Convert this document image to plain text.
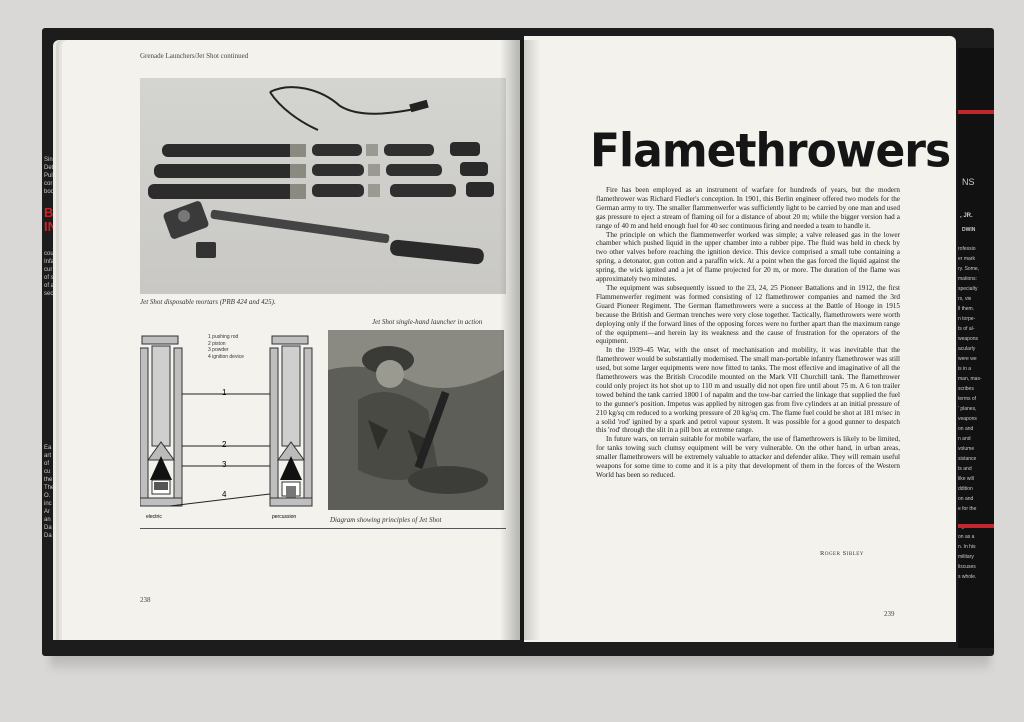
Sin
Det
Pul
cor
boo
B
IN
cou
Infa
cur
of s
of a
sec
Ea
art
of
cu
the
The
O.
inc
Ar
an
Da
Da
NS
, JR.
DWIN
rofessio
er mark
ry. Some,
mations:
specialty
rs, vie
ll them.
n torpe-
ts of al-
weapons
acularly
were we
is in a
man, mas-
scribes
terms of
' planes,
veapons
on and
n and
volume
sistance
ts and
like will
ddition
on and
e for the
on as a
n. In his
military
liscuses
s whole.
Grenade Launchers/Jet Shot continued
Jet Shot disposable mortars (PRB 424 and 425).
Jet Shot single-hand launcher in action
1 pushing rod
2 piston
3 powder
4 ignition device
1
2
3
4
electric	percussion	Diagram showing principles of Jet Shot
238
Flamethrowers

Fire has been employed as an instrument of warfare for hundreds of years, but the modern flamethrower was Richard Fiedler's conception. In 1901, this Berlin engineer offered two models for the German army to try. The smaller flammenwerfer was sufficiently light to be carried by one man and used gas pressure to eject a stream of flaming oil for a distance of about 20 m; while the bigger version had a range of 40 m and held enough fuel for 40 sec continuous firing and needed a team to handle it.

The principle on which the flammenwerfer worked was simple; a valve released gas in the lower chamber which pushed liquid in the upper chamber into a rubber pipe. The fluid was held in check by two other valves before reaching the ignition device. This device comprised a small tube containing a spring, a detonator, gun cotton and a paraffin wick. At a point when the gas forced the liquid against the spring, the wick ignited and a jet of flame projected for 20 m, or more. The duration of the flame was approximately two minutes.

The equipment was subsequently issued to the 23, 24, 25 Pioneer Battalions and in 1912, the first Flammenwerfer regiment was formed consisting of 12 flamethrower companies and named the 3rd Guard Pioneer Regiment. The German flamethrowers were a success at the Battle of Hooge in 1915 because the British and German trenches were very close together. Tactically, flamethrowers were worth deploying only if the forward lines of the opposing forces were no further apart than the maximum range of the equipment—and herein lay its weakness and the cause of frustration for the operators of the equipment.

In the 1939–45 War, with the onset of mechanisation and mobility, it was inevitable that the flamethrower would be substantially modernised. The small man-portable infantry flamethrower was still used, but some larger equipments were now fitted to tanks. The most effective and imaginative of all the flamethrowers was the British Crocodile mounted on the Mark VII Churchill tank. The flamethrower could only project its hot shot up to 110 m and usually did not open fire until about 75 m. A 6 ton trailer towed behind the tank carried 1800 l of napalm and the tow-bar carried the linkage that supplied the fuel to the gunner's position. Impetus was applied by nitrogen gas from five cylinders at an initial pressure of 210 kg/sq cm reduced to a working pressure of 20 kg/sq cm. The flame fuel could be shot at 181 m/sec in a solid 'rod' ignited by a spark and petrol vapour system. It was possible for a good gunner to despatch this 'rod' through the slit in a pill box at extreme range.

In future wars, on terrain suitable for mobile warfare, the use of flamethrowers is likely to be limited, for tanks towing such clumsy equipment will be very vulnerable. On the other hand, in urban areas, smaller flamethrowers will be extremely valuable to attacker and defender alike. They will remain useful weapons for some time to come and it is a pity that development of them in the forces of the Western World has been so reduced.

Roger Sibley
239
